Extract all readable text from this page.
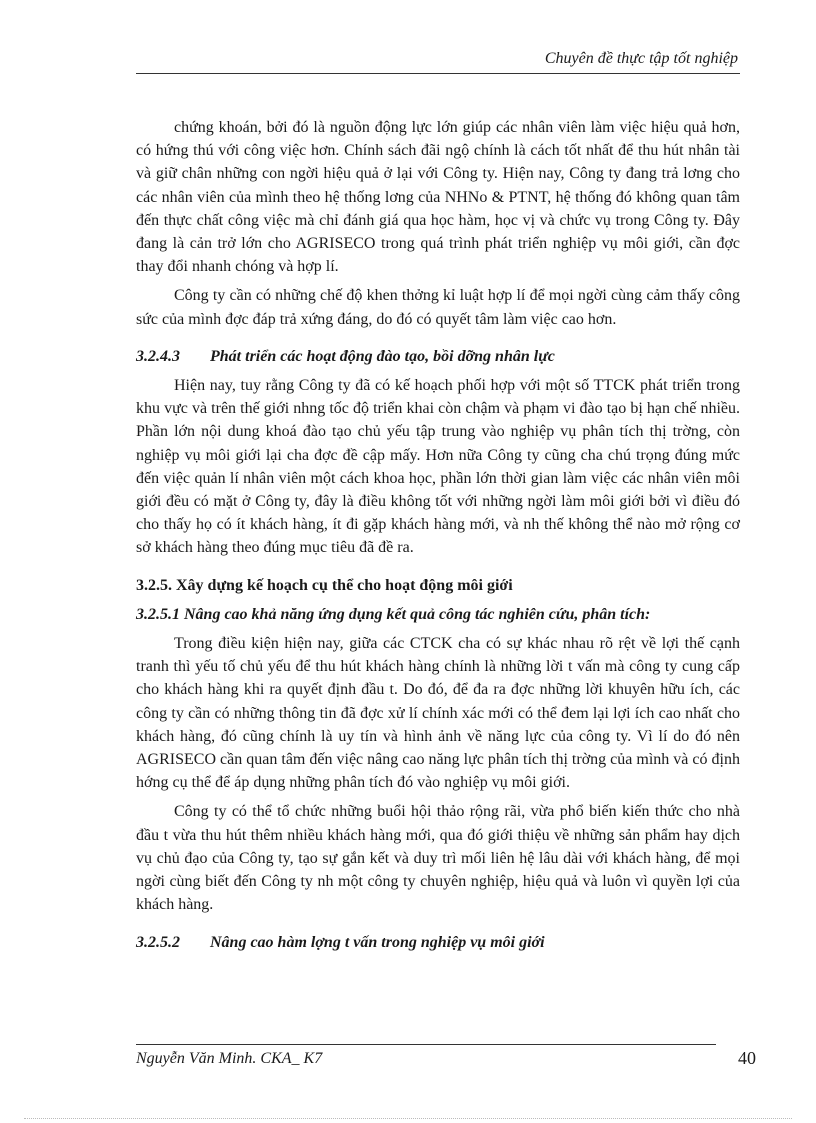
Chuyên đề thực tập tốt nghiệp

chứng khoán, bởi đó là nguồn động lực lớn giúp các nhân viên làm việc hiệu quả hơn, có hứng thú với công việc hơn. Chính sách đãi ngộ chính là cách tốt nhất để thu hút nhân tài và giữ chân những con ngời hiệu quả ở lại với Công ty. Hiện nay, Công ty đang trả lơng cho các nhân viên của mình theo hệ thống lơng của NHNo & PTNT, hệ thống đó không quan tâm đến thực chất công việc mà chỉ đánh giá qua học hàm, học vị và chức vụ trong Công ty. Đây đang là cản trở lớn cho AGRISECO trong quá trình phát triển nghiệp vụ môi giới, cần đợc thay đổi nhanh chóng và hợp lí.

Công ty cần có những chế độ khen thởng kỉ luật hợp lí để mọi ngời cùng cảm thấy công sức của mình đợc đáp trả xứng đáng, do đó có quyết tâm làm việc cao hơn.

3.2.4.3 Phát triển các hoạt động đào tạo, bồi dỡng nhân lực

Hiện nay, tuy rằng Công ty đã có kế hoạch phối hợp với một số TTCK phát triển trong khu vực và trên thế giới nhng tốc độ triển khai còn chậm và phạm vi đào tạo bị hạn chế nhiều. Phần lớn nội dung khoá đào tạo chủ yếu tập trung vào nghiệp vụ phân tích thị trờng, còn nghiệp vụ môi giới lại cha đợc đề cập mấy. Hơn nữa Công ty cũng cha chú trọng đúng mức đến việc quản lí nhân viên một cách khoa học, phần lớn thời gian làm việc các nhân viên môi giới đều có mặt ở Công ty, đây là điều không tốt với những ngời làm môi giới bởi vì điều đó cho thấy họ có ít khách hàng, ít đi gặp khách hàng mới, và nh thế không thể nào mở rộng cơ sở khách hàng theo đúng mục tiêu đã đề ra.

3.2.5. Xây dựng kế hoạch cụ thể cho hoạt động môi giới
3.2.5.1 Nâng cao khả năng ứng dụng kết quả công tác nghiên cứu, phân tích:

Trong điều kiện hiện nay, giữa các CTCK cha có sự khác nhau rõ rệt về lợi thế cạnh tranh thì yếu tố chủ yếu để thu hút khách hàng chính là những lời t vấn mà công ty cung cấp cho khách hàng khi ra quyết định đầu t. Do đó, để đa ra đợc những lời khuyên hữu ích, các công ty cần có những thông tin đã đợc xử lí chính xác mới có thể đem lại lợi ích cao nhất cho khách hàng, đó cũng chính là uy tín và hình ảnh về năng lực của công ty. Vì lí do đó nên AGRISECO cần quan tâm đến việc nâng cao năng lực phân tích thị trờng của mình và có định hớng cụ thể để áp dụng những phân tích đó vào nghiệp vụ môi giới.

Công ty có thể tổ chức những buổi hội thảo rộng rãi, vừa phổ biến kiến thức cho nhà đầu t vừa thu hút thêm nhiều khách hàng mới, qua đó giới thiệu về những sản phẩm hay dịch vụ chủ đạo của Công ty, tạo sự gắn kết và duy trì mối liên hệ lâu dài với khách hàng, để mọi ngời cùng biết đến Công ty nh một công ty chuyên nghiệp, hiệu quả và luôn vì quyền lợi của khách hàng.

3.2.5.2 Nâng cao hàm lợng t vấn trong nghiệp vụ môi giới
Nguyễn Văn Minh. CKA_ K7	40
